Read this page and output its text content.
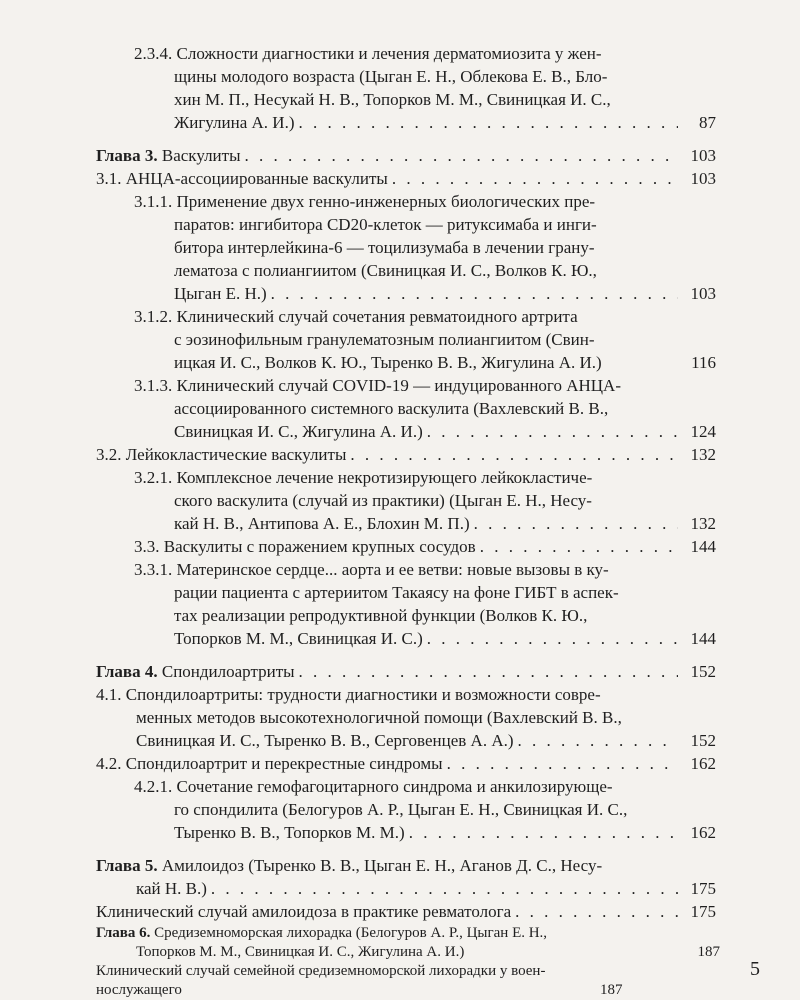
2.3.4. Сложности диагностики и лечения дерматомиозита у жен-
щины молодого возраста (Цыган Е. Н., Облекова Е. В., Бло-
хин М. П., Несукай Н. В., Топорков М. М., Свиницкая И. С.,
Жигулина А. И.) . . .	87
Глава 3. Васкулиты . . .	103
3.1. АНЦА-ассоциированные васкулиты . . .	103
3.1.1. Применение двух генно-инженерных биологических пре-
паратов: ингибитора CD20-клеток — ритуксимаба и инги-
битора интерлейкина-6 — тоцилизумаба в лечении грану-
лематоза с полиангиитом (Свиницкая И. С., Волков К. Ю.,
Цыган Е. Н.) . . .	103
3.1.2. Клинический случай сочетания ревматоидного артрита
с эозинофильным гранулематозным полиангиитом (Свин-
ицкая И. С., Волков К. Ю., Тыренко В. В., Жигулина А. И.)	116
3.1.3. Клинический случай COVID-19 — индуцированного АНЦА-
ассоциированного системного васкулита (Вахлевский В. В.,
Свиницкая И. С., Жигулина А. И.) . . .	124
3.2. Лейкокластические васкулиты . . .	132
3.2.1. Комплексное лечение некротизирующего лейкокластиче-
ского васкулита (случай из практики) (Цыган Е. Н., Несу-
кай Н. В., Антипова А. Е., Блохин М. П.) . . .	132
3.3. Васкулиты с поражением крупных сосудов . . .	144
3.3.1. Материнское сердце... аорта и ее ветви: новые вызовы в ку-
рации пациента с артериитом Такаясу на фоне ГИБТ в аспек-
тах реализации репродуктивной функции (Волков К. Ю.,
Топорков М. М., Свиницкая И. С.) . . .	144
Глава 4. Спондилоартриты . . .	152
4.1. Спондилоартриты: трудности диагностики и возможности совре-
менных методов высокотехнологичной помощи (Вахлевский В. В.,
Свиницкая И. С., Тыренко В. В., Серговенцев А. А.) . . .	152
4.2. Спондилоартрит и перекрестные синдромы . . .	162
4.2.1. Сочетание гемофагоцитарного синдрома и анкилозирующе-
го спондилита (Белогуров А. Р., Цыган Е. Н., Свиницкая И. С.,
Тыренко В. В., Топорков М. М.) . . .	162
Глава 5. Амилоидоз (Тыренко В. В., Цыган Е. Н., Аганов Д. С., Несу-
кай Н. В.) . . .	175
Клинический случай амилоидоза в практике ревматолога . . .	175
5
Глава 6. Средиземноморская лихорадка (Белогуров А. Р., Цыган Е. Н.,
Топорков М. М., Свиницкая И. С., Жигулина А. И.)	187
Клинический случай семейной средиземноморской лихорадки у воен-
нослужащего	187
